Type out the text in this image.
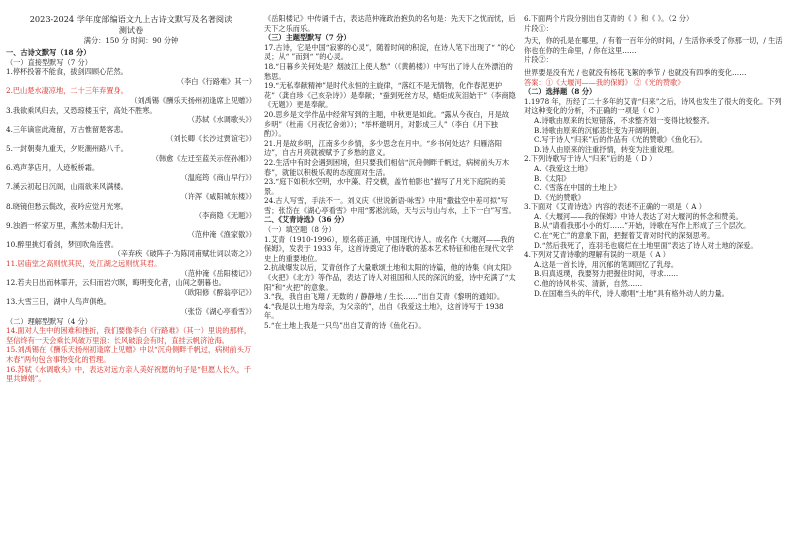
2023-2024 学年度部编语文九上古诗文默写及名著阅读
测试卷
满分：150 分 时间：90 分钟
一、古诗文默写（18 分）
（一）直接型默写（7 分）
1.停杯投箸不能食，拔剑四顾心茫然。
（李白《行路难》其一）
2.巴山楚水凄凉地，二十三年弃置身。
（刘禹锡《酬乐天扬州初逢席上见赠》）
3.我欲乘风归去，又恐琼楼玉宇，高处不胜寒。
（苏轼《水调歌头》）
4.三年谪宦此淹留，万古惟留楚客悲。
（刘长卿《长沙过贾谊宅》）
5.一封朝奏九重天，夕贬潮州路八千。
（韩愈《左迁至蓝关示侄孙湘》）
6.鸡声茅店月，人迹板桥霜。
（温庭筠《商山早行》）
7.溪云初起日沉阁，山雨欲来风满楼。
（许浑《咸阳城东楼》）
8.晓镜但愁云鬓改，夜吟应觉月光寒。
（李商隐《无题》）
9.浊酒一杯家万里，燕然未勒归无计。
（范仲淹《渔家傲》）
10.醉里挑灯看剑，梦回吹角连营。
（辛弃疾《破阵子·为陈同甫赋壮词以寄之》）
11.居庙堂之高则忧其民，处江湖之远则忧其君。
（范仲淹《岳阳楼记》）
12.若夫日出而林霏开，云归而岩穴暝，晦明变化者，山间之朝暮也。
（欧阳修《醉翁亭记》）
13.大雪三日，湖中人鸟声俱绝。
（张岱《湖心亭看雪》）
（二）理解型默写（4 分）
14.面对人生中的困难和挫折，我们要像李白《行路难》（其一）里说的那样，坚信终有一天会乘长风破万里浪：长风破浪会有时，直挂云帆济沧海。
15.刘禹锡在《酬乐天扬州初逢席上见赠》中以“沉舟侧畔千帆过，病树前头万木春”两句包含事物变化的哲理。
16.苏轼《水调歌头》中，表达对远方亲人美好祝愿的句子是“但愿人长久，千里共婵娟”。
《岳阳楼记》中传诵千古，表达范仲淹政治抱负的名句是：先天下之忧而忧，后天下之乐而乐。
（三）主题型默写（7 分）
17.古诗，它是中国“寂寥的心灵”，随着时间的积淀，在诗人笔下出现了“ ”的心灵；从“ ”而到“ ”的心灵。
18.“日暮乡关何处是？烟波江上使人愁”（《黄鹤楼》）中写出了诗人在外漂泊的愁思。
19.“无私奉献精神”是时代永恒的主旋律，“落红不是无情物，化作春泥更护花”（龚自珍《己亥杂诗》）是奉献；“蚕到死丝方尽，蜡炬成灰泪始干”（李商隐《无题》）更是奉献。
20.思乡是文学作品中经常写到的主题，中秋更是如此。“露从今夜白，月是故乡明”（杜甫《月夜忆舍弟》）；“举杯邀明月，对影成三人”（李白《月下独酌》）。
21.月是故乡明，江南多少乡情，多少思念在月中。“乡书何处达？归雁洛阳边”，自古月亮就被赋予了乡愁的意义。
22.生活中有时会遇到困境，但只要我们相信“沉舟侧畔千帆过，病树前头万木春”，就能以积极乐观的态度面对生活。
23.“庭下如积水空明，水中藻、荇交横，盖竹柏影也”描写了月光下庭院的美景。
24.古人写雪，手法不一。刘义庆《世说新语·咏雪》中用“撒盐空中差可拟”写雪；张岱在《湖心亭看雪》中用“雾凇沆砀，天与云与山与水，上下一白”写雪。
二、《艾青诗选》（36 分）
（一）填空题（8 分）
1.艾青（1910-1996），原名蒋正涵，中国现代诗人。成名作《大堰河——我的保姆》，发表于 1933 年，这首诗奠定了他诗歌的基本艺术特征和他在现代文学史上的重要地位。
2.抗战爆发以后，艾青创作了大量歌颂土地和太阳的诗篇，他的诗集《向太阳》《火把》《北方》等作品，表达了诗人对祖国和人民的深沉的爱，诗中充满了“太阳”和“火把”的意象。
3.“我，我自由飞翔 / 无数的 / 静静地 / 生长……”出自艾青《黎明的通知》。
4.“我是以土地为母亲，为父亲的”，出自《我爱这土地》，这首诗写于 1938 年。
5.“在土地上我是一只鸟”出自艾青的诗《鱼化石》。
6.下面两个片段分别出自艾青的《 》和《 》。（2 分）
片段①：
为天，你的孔是在哪里，/ 有着一百年分的时间，/ 生活你承受了你那一切，/ 生活你也在你的生命里，/ 你在这里……
片段②：
世界要是没有光 / 也就没有杨花飞絮的季节 / 也就没有四季的变化……
答案：①《大堰河——我的保姆》 ②《光的赞歌》
（二）选择题（8 分）
1.1978 年，历经了二十多年的艾青“归来”之后，诗风也发生了很大的变化。下列对这种变化的分析，不正确的一项是（ C ）
A.诗歌由原来的长短错落，不求整齐划一变得比较整齐。
B.诗歌由原来的沉郁悲壮变为开阔明朗。
C.写于诗人“归来”后的作品有《光的赞歌》《鱼化石》。
D.诗人由原来的注重抒情，转变为注重说理。
2.下列诗歌写于诗人“归来”后的是（ D ）
A.《我爱这土地》
B.《太阳》
C.《雪落在中国的土地上》
D.《光的赞歌》
3.下面对《艾青诗选》内容的表述不正确的一项是（ A ）
A.《大堰河——我的保姆》中诗人表达了对大堰河的怀念和赞美。
B.从“请看我那小小的灯……”开始，诗歌在写作上形成了三个层次。
C.在“死亡”的意象下面，把握着艾青对时代的深刻思考。
D.“然后我死了，连羽毛也腐烂在土地里面”表达了诗人对土地的深爱。
4.下列对艾青诗歌的理解有误的一项是（ A ）
A.这是一首长诗，用沉郁的笔调回忆了乳母。
B.归真返璞，我要努力把握住时间，寻求……
C.他的诗风朴实、清新，自然……
D.在国难当头的年代，诗人歌唱“土地”具有格外动人的力量。
